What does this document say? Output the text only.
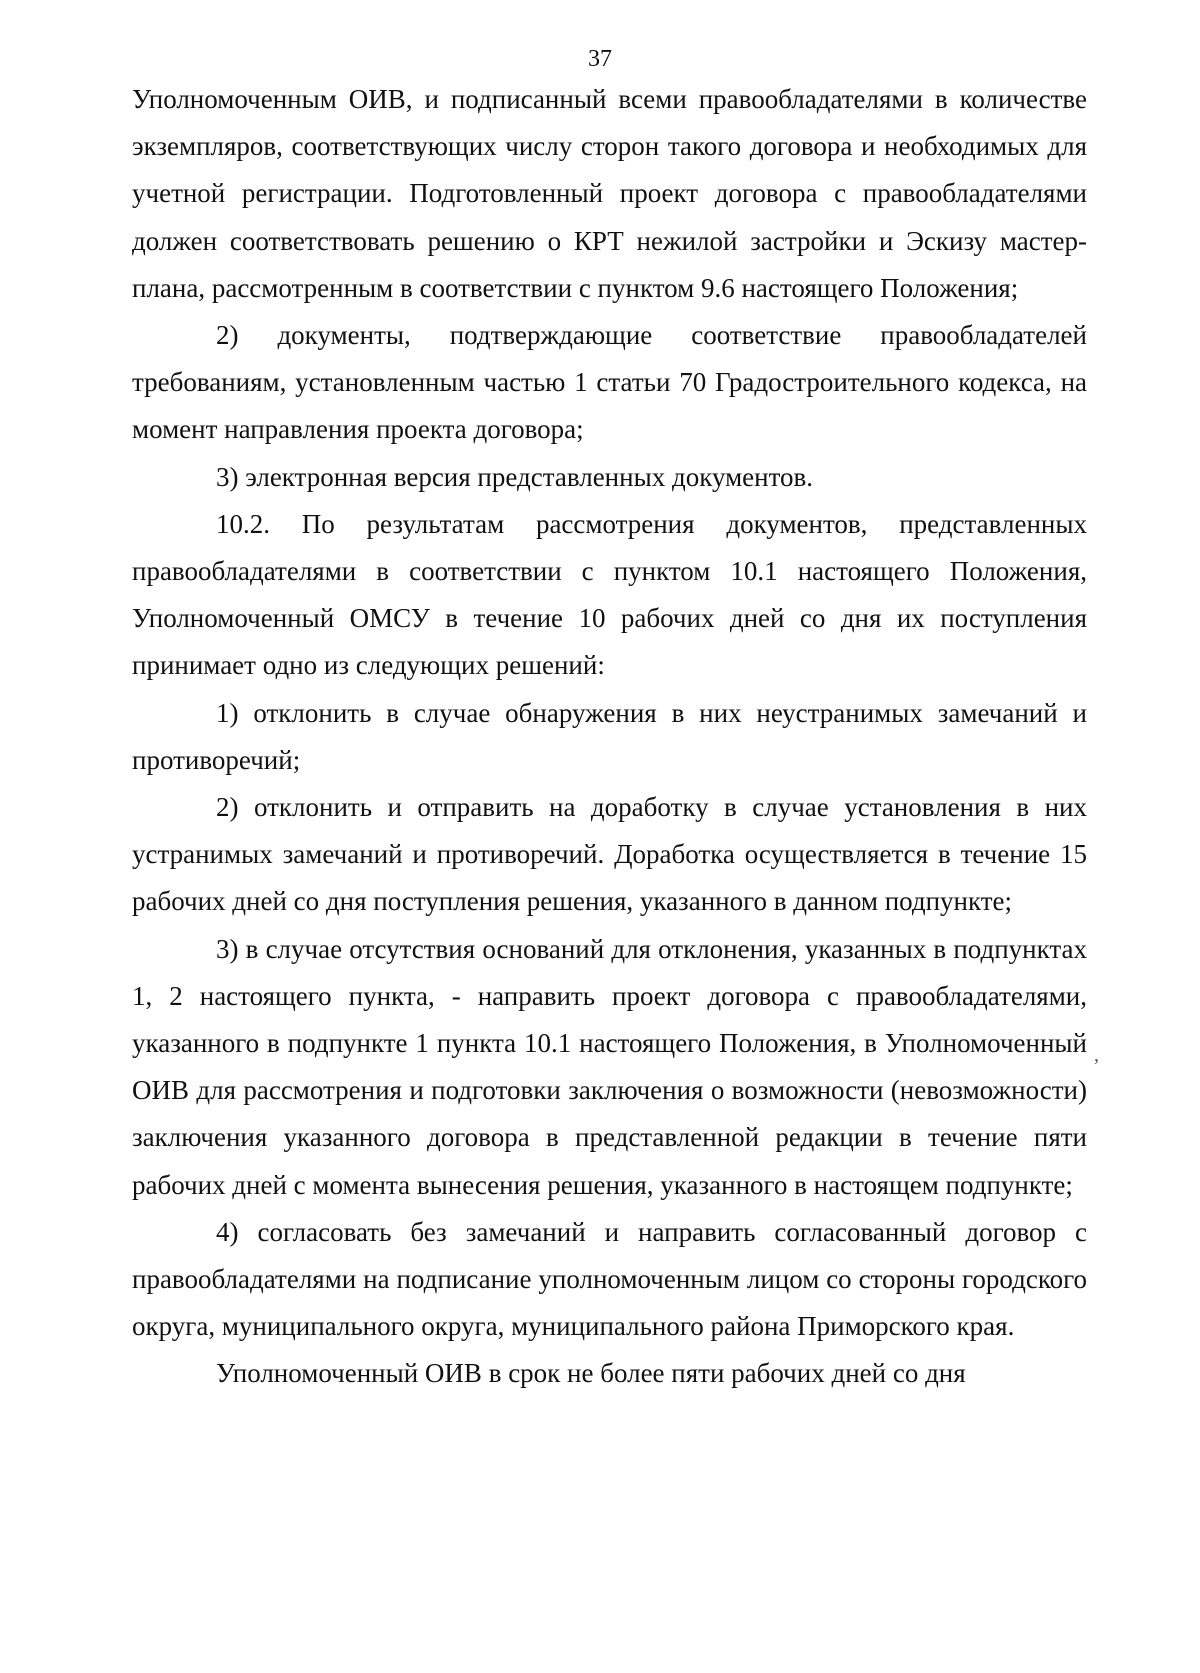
37

Уполномоченным ОИВ, и подписанный всеми правообладателями в количестве экземпляров, соответствующих числу сторон такого договора и необходимых для учетной регистрации. Подготовленный проект договора с правообладателями должен соответствовать решению о КРТ нежилой застройки и Эскизу мастер-плана, рассмотренным в соответствии с пунктом 9.6 настоящего Положения;

2) документы, подтверждающие соответствие правообладателей требованиям, установленным частью 1 статьи 70 Градостроительного кодекса, на момент направления проекта договора;

3) электронная версия представленных документов.

10.2. По результатам рассмотрения документов, представленных правообладателями в соответствии с пунктом 10.1 настоящего Положения, Уполномоченный ОМСУ в течение 10 рабочих дней со дня их поступления принимает одно из следующих решений:

1) отклонить в случае обнаружения в них неустранимых замечаний и противоречий;

2) отклонить и отправить на доработку в случае установления в них устранимых замечаний и противоречий. Доработка осуществляется в течение 15 рабочих дней со дня поступления решения, указанного в данном подпункте;

3) в случае отсутствия оснований для отклонения, указанных в подпунктах 1, 2 настоящего пункта, - направить проект договора с правообладателями, указанного в подпункте 1 пункта 10.1 настоящего Положения, в Уполномоченный ОИВ для рассмотрения и подготовки заключения о возможности (невозможности) заключения указанного договора в представленной редакции в течение пяти рабочих дней с момента вынесения решения, указанного в настоящем подпункте;

4) согласовать без замечаний и направить согласованный договор с правообладателями на подписание уполномоченным лицом со стороны городского округа, муниципального округа, муниципального района Приморского края.

Уполномоченный ОИВ в срок не более пяти рабочих дней со дня

‚
